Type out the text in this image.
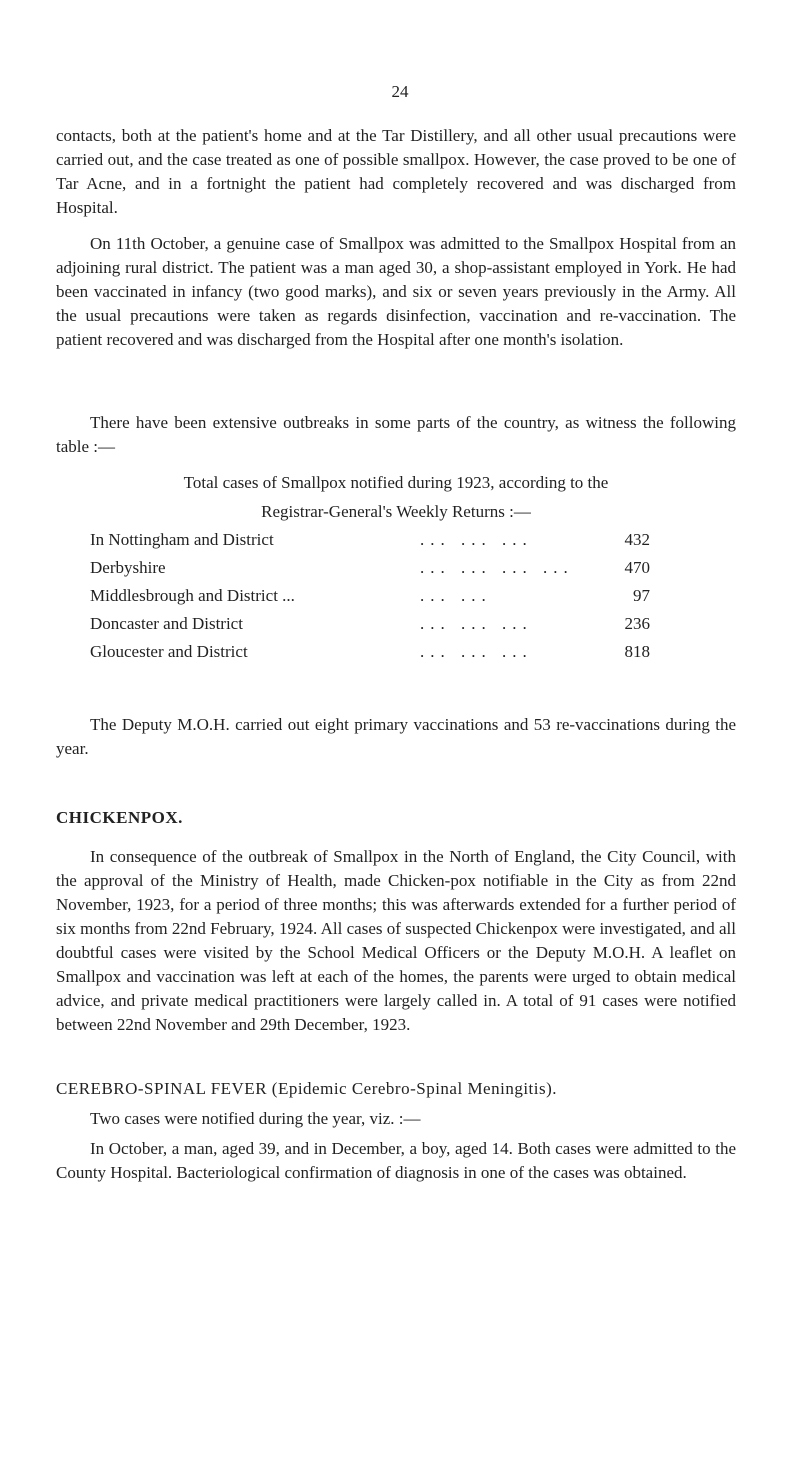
24

contacts, both at the patient's home and at the Tar Distillery, and all other usual precautions were carried out, and the case treated as one of possible smallpox. However, the case proved to be one of Tar Acne, and in a fortnight the patient had completely recovered and was discharged from Hospital.

On 11th October, a genuine case of Smallpox was admitted to the Smallpox Hospital from an adjoining rural district. The patient was a man aged 30, a shop-assistant employed in York. He had been vaccinated in infancy (two good marks), and six or seven years previously in the Army. All the usual precautions were taken as regards disinfection, vaccination and re-vaccination. The patient recovered and was discharged from the Hospital after one month's isolation.

There have been extensive outbreaks in some parts of the country, as witness the following table :—

Total cases of Smallpox notified during 1923, according to the

Registrar-General's Weekly Returns :—

In Nottingham and District	... ... ...	432
Derbyshire	... ... ... ...	470
Middlesbrough and District ...	... ...	97
Doncaster and District	... ... ...	236
Gloucester and District	... ... ...	818

The Deputy M.O.H. carried out eight primary vaccinations and 53 re-vaccinations during the year.

CHICKENPOX.

In consequence of the outbreak of Smallpox in the North of England, the City Council, with the approval of the Ministry of Health, made Chicken-pox notifiable in the City as from 22nd November, 1923, for a period of three months; this was afterwards extended for a further period of six months from 22nd February, 1924. All cases of suspected Chickenpox were investigated, and all doubtful cases were visited by the School Medical Officers or the Deputy M.O.H. A leaflet on Smallpox and vaccination was left at each of the homes, the parents were urged to obtain medical advice, and private medical practitioners were largely called in. A total of 91 cases were notified between 22nd November and 29th December, 1923.

CEREBRO-SPINAL FEVER (Epidemic Cerebro-Spinal Meningitis).

Two cases were notified during the year, viz. :—

In October, a man, aged 39, and in December, a boy, aged 14. Both cases were admitted to the County Hospital. Bacteriological confirmation of diagnosis in one of the cases was obtained.
